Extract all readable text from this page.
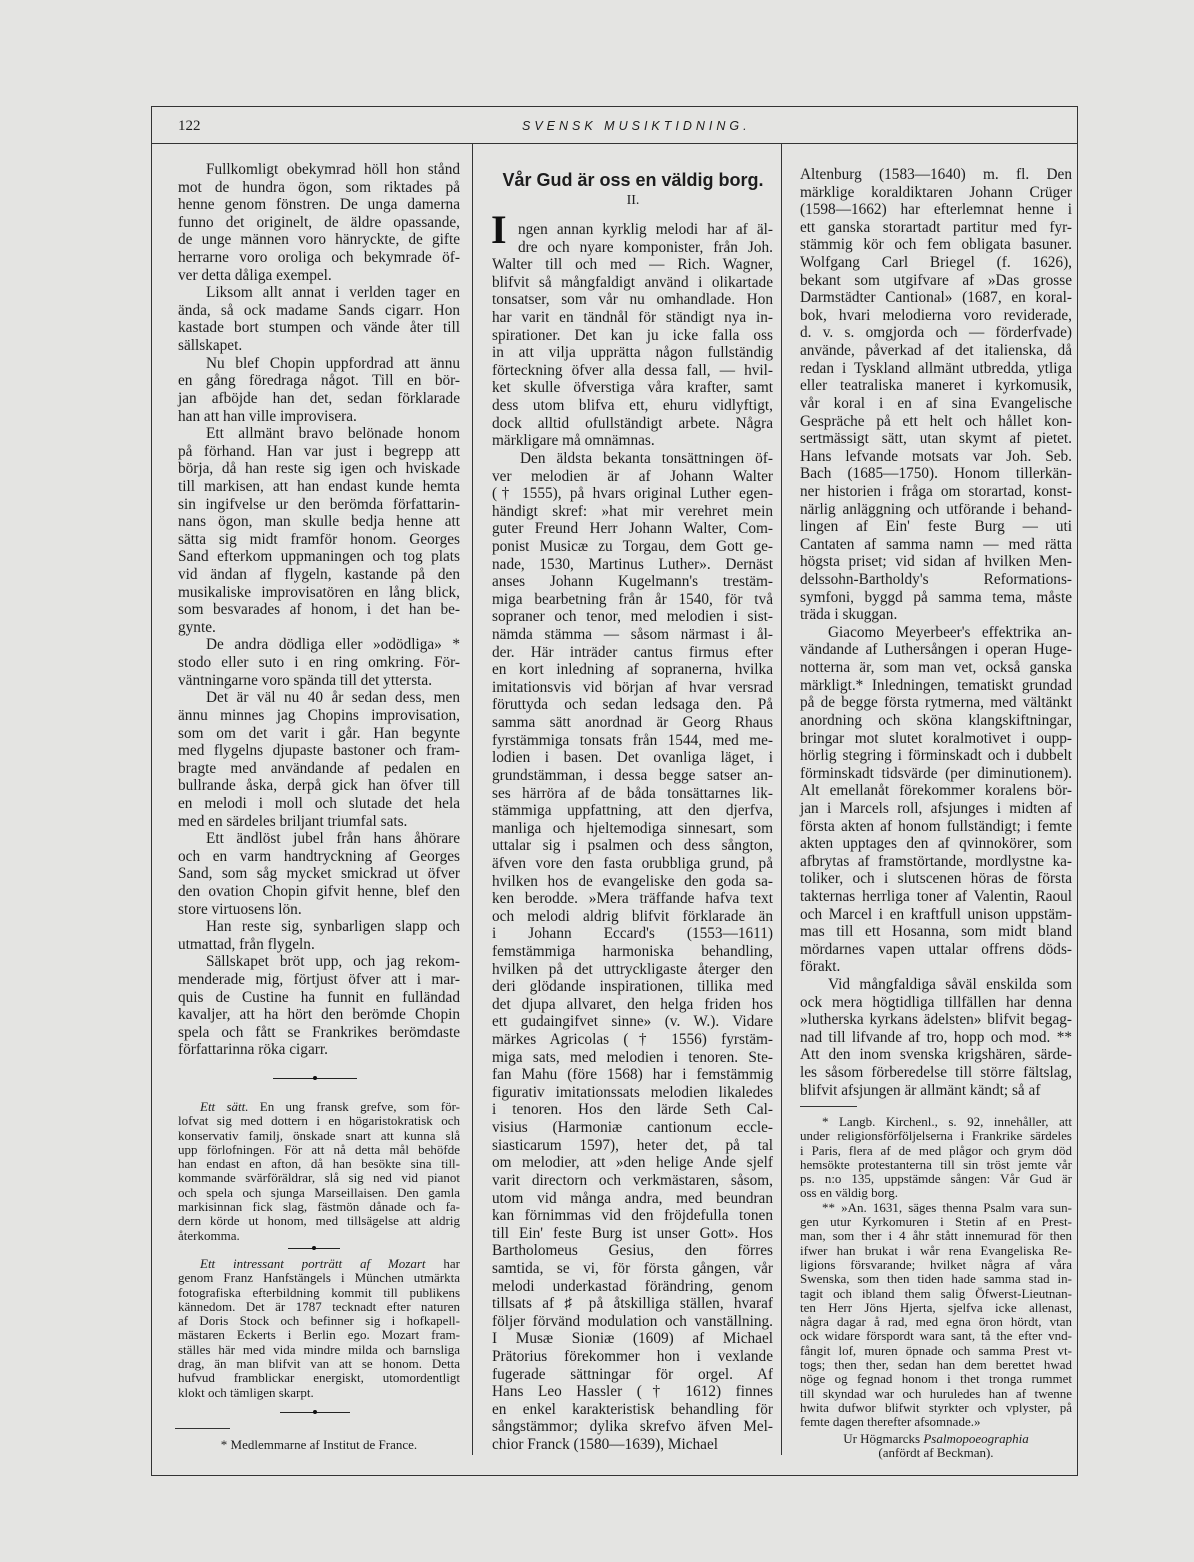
122	SVENSK MUSIKTIDNING.
Fullkomligt obekymrad höll hon stånd
mot de hundra ögon, som riktades på
henne genom fönstren. De unga damerna
funno det originelt, de äldre opassande,
de unge männen voro hänryckte, de gifte
herrarne voro oroliga och bekymrade öf-
ver detta dåliga exempel.
Liksom allt annat i verlden tager en
ända, så ock madame Sands cigarr. Hon
kastade bort stumpen och vände åter till
sällskapet.
Nu blef Chopin uppfordrad att ännu
en gång föredraga något. Till en bör-
jan afböjde han det, sedan förklarade
han att han ville improvisera.
Ett allmänt bravo belönade honom
på förhand. Han var just i begrepp att
börja, då han reste sig igen och hviskade
till markisen, att han endast kunde hemta
sin ingifvelse ur den berömda författarin-
nans ögon, man skulle bedja henne att
sätta sig midt framför honom. Georges
Sand efterkom uppmaningen och tog plats
vid ändan af flygeln, kastande på den
musikaliske improvisatören en lång blick,
som besvarades af honom, i det han be-
gynte.
De andra dödliga eller »odödliga» *
stodo eller suto i en ring omkring. För-
väntningarne voro spända till det yttersta.
Det är väl nu 40 år sedan dess, men
ännu minnes jag Chopins improvisation,
som om det varit i går. Han begynte
med flygelns djupaste bastoner och fram-
bragte med användande af pedalen en
bullrande åska, derpå gick han öfver till
en melodi i moll och slutade det hela
med en särdeles briljant triumfal sats.
Ett ändlöst jubel från hans åhörare
och en varm handtryckning af Georges
Sand, som såg mycket smickrad ut öfver
den ovation Chopin gifvit henne, blef den
store virtuosens lön.
Han reste sig, synbarligen slapp och
utmattad, från flygeln.
Sällskapet bröt upp, och jag rekom-
menderade mig, förtjust öfver att i mar-
quis de Custine ha funnit en fulländad
kavaljer, att ha hört den berömde Chopin
spela och fått se Frankrikes berömdaste
författarinna röka cigarr.
Ett sätt. En ung fransk grefve, som för-
lofvat sig med dottern i en högaristokratisk och
konservativ familj, önskade snart att kunna slå
upp förlofningen. För att nå detta mål behöfde
han endast en afton, då han besökte sina till-
kommande svärföräldrar, slå sig ned vid pianot
och spela och sjunga Marseillaisen. Den gamla
markisinnan fick slag, fästmön dånade och fa-
dern körde ut honom, med tillsägelse att aldrig
återkomma.
Ett intressant porträtt af Mozart har
genom Franz Hanfstängels i München utmärkta
fotografiska efterbildning kommit till publikens
kännedom. Det är 1787 tecknadt efter naturen
af Doris Stock och befinner sig i hofkapell-
mästaren Eckerts i Berlin ego. Mozart fram-
ställes här med vida mindre milda och barnsliga
drag, än man blifvit van att se honom. Detta
hufvud framblickar energiskt, utomordentligt
klokt och tämligen skarpt.
* Medlemmarne af Institut de France.
Vår Gud är oss en väldig borg.
II.
I ngen annan kyrklig melodi har af äl-
dre och nyare komponister, från Joh.
Walter till och med — Rich. Wagner,
blifvit så mångfaldigt använd i olikartade
tonsatser, som vår nu omhandlade. Hon
har varit en tändnål för ständigt nya in-
spirationer. Det kan ju icke falla oss
in att vilja upprätta någon fullständig
förteckning öfver alla dessa fall, — hvil-
ket skulle öfverstiga våra krafter, samt
dess utom blifva ett, ehuru vidlyftigt,
dock alltid ofullständigt arbete. Några
märkligare må omnämnas.
Den äldsta bekanta tonsättningen öf-
ver melodien är af Johann Walter
(† 1555), på hvars original Luther egen-
händigt skref: »hat mir verehret mein
guter Freund Herr Johann Walter, Com-
ponist Musicæ zu Torgau, dem Gott ge-
nade, 1530, Martinus Luther». Dernäst
anses Johann Kugelmann's trestäm-
miga bearbetning från år 1540, för två
sopraner och tenor, med melodien i sist-
nämda stämma — såsom närmast i ål-
der. Här inträder cantus firmus efter
en kort inledning af sopranerna, hvilka
imitationsvis vid början af hvar versrad
föruttyda och sedan ledsaga den. På
samma sätt anordnad är Georg Rhaus
fyrstämmiga tonsats från 1544, med me-
lodien i basen. Det ovanliga läget, i
grundstämman, i dessa begge satser an-
ses härröra af de båda tonsättarnes lik-
stämmiga uppfattning, att den djerfva,
manliga och hjeltemodiga sinnesart, som
uttalar sig i psalmen och dess sångton,
äfven vore den fasta orubbliga grund, på
hvilken hos de evangeliske den goda sa-
ken berodde. »Mera träffande hafva text
och melodi aldrig blifvit förklarade än
i Johann Eccard's (1553—1611)
femstämmiga harmoniska behandling,
hvilken på det uttryckligaste återger den
deri glödande inspirationen, tillika med
det djupa allvaret, den helga friden hos
ett gudaingifvet sinne» (v. W.). Vidare
märkes Agricolas († 1556) fyrstäm-
miga sats, med melodien i tenoren. Ste-
fan Mahu (före 1568) har i femstämmig
figurativ imitationssats melodien likaledes
i tenoren. Hos den lärde Seth Cal-
visius (Harmoniæ cantionum eccle-
siasticarum 1597), heter det, på tal
om melodier, att »den helige Ande sjelf
varit directorn och verkmästaren, såsom,
utom vid många andra, med beundran
kan förnimmas vid den fröjdefulla tonen
till Ein' feste Burg ist unser Gott». Hos
Bartholomeus Gesius, den förres
samtida, se vi, för första gången, vår
melodi underkastad förändring, genom
tillsats af ♯ på åtskilliga ställen, hvaraf
följer förvänd modulation och vanställning.
I Musæ Sioniæ (1609) af Michael
Prätorius förekommer hon i vexlande
fugerade sättningar för orgel. Af
Hans Leo Hassler († 1612) finnes
en enkel karakteristisk behandling för
sångstämmor; dylika skrefvo äfven Mel-
chior Franck (1580—1639), Michael
Altenburg (1583—1640) m. fl. Den
märklige koraldiktaren Johann Crüger
(1598—1662) har efterlemnat henne i
ett ganska storartadt partitur med fyr-
stämmig kör och fem obligata basuner.
Wolfgang Carl Briegel (f. 1626),
bekant som utgifvare af »Das grosse
Darmstädter Cantional» (1687, en koral-
bok, hvari melodierna voro reviderade,
d. v. s. omgjorda och — förderfvade)
använde, påverkad af det italienska, då
redan i Tyskland allmänt utbredda, ytliga
eller teatraliska maneret i kyrkomusik,
vår koral i en af sina Evangelische
Gespräche på ett helt och hållet kon-
sertmässigt sätt, utan skymt af pietet.
Hans lefvande motsats var Joh. Seb.
Bach (1685—1750). Honom tillerkän-
ner historien i fråga om storartad, konst-
närlig anläggning och utförande i behand-
lingen af Ein' feste Burg — uti
Cantaten af samma namn — med rätta
högsta priset; vid sidan af hvilken Men-
delssohn-Bartholdy's Reformations-
symfoni, byggd på samma tema, måste
träda i skuggan.
Giacomo Meyerbeer's effektrika an-
vändande af Luthersången i operan Huge-
notterna är, som man vet, också ganska
märkligt.* Inledningen, tematiskt grundad
på de begge första rytmerna, med vältänkt
anordning och sköna klangskiftningar,
bringar mot slutet koralmotivet i oupp-
hörlig stegring i förminskadt och i dubbelt
förminskadt tidsvärde (per diminutionem).
Alt emellanåt förekommer koralens bör-
jan i Marcels roll, afsjunges i midten af
första akten af honom fullständigt; i femte
akten upptages den af qvinnokörer, som
afbrytas af framstörtande, mordlystne ka-
toliker, och i slutscenen höras de första
takternas herrliga toner af Valentin, Raoul
och Marcel i en kraftfull unison uppstäm-
mas till ett Hosanna, som midt bland
mördarnes vapen uttalar offrens döds-
förakt.
Vid mångfaldiga såväl enskilda som
ock mera högtidliga tillfällen har denna
»lutherska kyrkans ädelsten» blifvit begag-
nad till lifvande af tro, hopp och mod. **
Att den inom svenska krigshären, särde-
les såsom förberedelse till större fältslag,
blifvit afsjungen är allmänt kändt; så af
* Langb. Kirchenl., s. 92, innehåller, att
under religionsförföljelserna i Frankrike särdeles
i Paris, flera af de med plågor och grym död
hemsökte protestanterna till sin tröst jemte vår
ps. n:o 135, uppstämde sången: Vår Gud är
oss en väldig borg.
** »An. 1631, säges thenna Psalm vara sun-
gen utur Kyrkomuren i Stetin af en Prest-
man, som ther i 4 åhr stått innemurad för then
ifwer han brukat i wår rena Evangeliska Re-
ligions försvarande; hvilket några af våra
Swenska, som then tiden hade samma stad in-
tagit och ibland them salig Öfwerst-Lieutnan-
ten Herr Jöns Hjerta, sjelfva icke allenast,
några dagar å rad, med egna öron hördt, vtan
ock widare förspordt wara sant, tå the efter vnd-
fångit lof, muren öpnade och samma Prest vt-
togs; then ther, sedan han dem berettet hwad
nöge og fegnad honom i thet tronga rummet
till skyndad war och huruledes han af twenne
hwita dufwor blifwit styrkter och vplyster, på
femte dagen therefter afsomnade.»
Ur Högmarcks Psalmopoeographia
(anfördt af Beckman).
